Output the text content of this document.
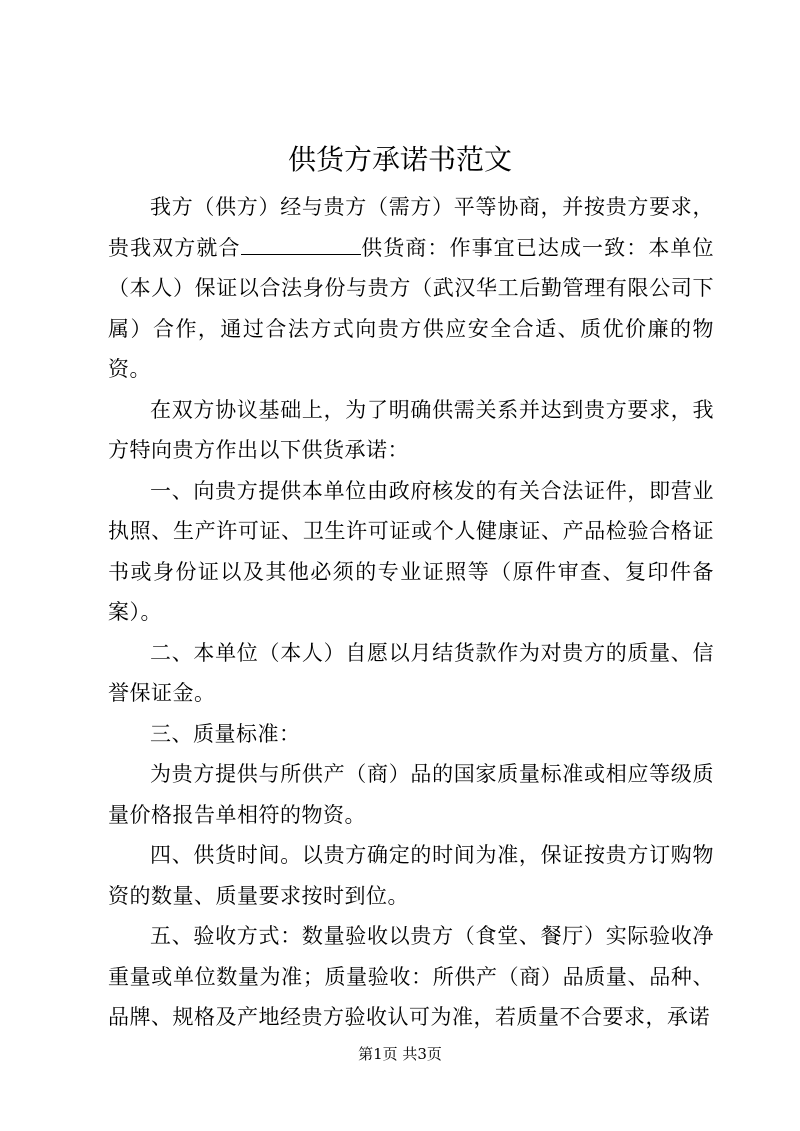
供货方承诺书范文

我方（供方）经与贵方（需方）平等协商，并按贵方要求，贵我双方就合	供货商：作事宜已达成一致：本单位（本人）保证以合法身份与贵方（武汉华工后勤管理有限公司下属）合作，通过合法方式向贵方供应安全合适、质优价廉的物资。

在双方协议基础上，为了明确供需关系并达到贵方要求，我方特向贵方作出以下供货承诺：

一、向贵方提供本单位由政府核发的有关合法证件，即营业执照、生产许可证、卫生许可证或个人健康证、产品检验合格证书或身份证以及其他必须的专业证照等（原件审查、复印件备案）。

二、本单位（本人）自愿以月结货款作为对贵方的质量、信誉保证金。

三、质量标准：

为贵方提供与所供产（商）品的国家质量标准或相应等级质量价格报告单相符的物资。

四、供货时间。以贵方确定的时间为准，保证按贵方订购物资的数量、质量要求按时到位。

五、验收方式：数量验收以贵方（食堂、餐厅）实际验收净重量或单位数量为准；质量验收：所供产（商）品质量、品种、品牌、规格及产地经贵方验收认可为准，若质量不合要求，承诺

第1页 共3页
